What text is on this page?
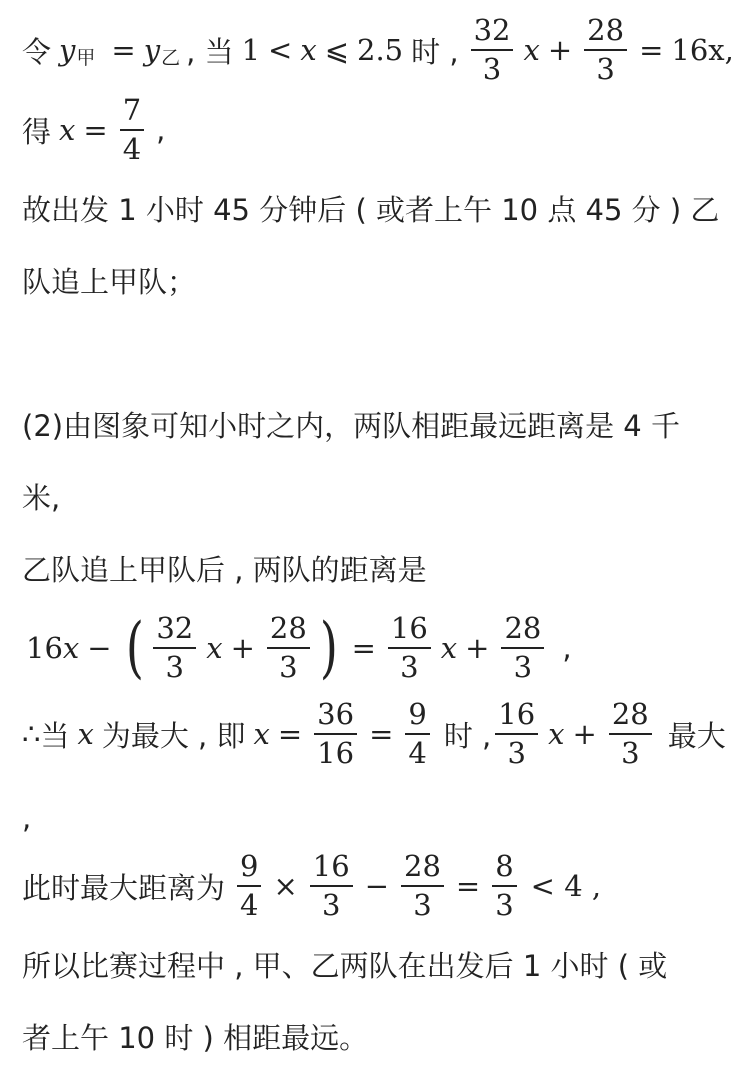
令 y 甲 = y 乙 , 当 1 < x ⩽ 2.5 时 , $\frac{32}{3}$ $x + \frac{28}{3} = 16x$,
得 $x = \frac{7}{4}$ ,
故出发 1 小时 45 分钟后 ( 或者上午 10 点 45 分 ) 乙
队追上甲队；
(2)由图象可知小时之内，两队相距最远距离是 4 千
米,
乙队追上甲队后 , 两队的距离是
16x − ( $\frac{32}{3}$ $x + \frac{28}{3}$ ) = $\frac{16}{3}$ $x + \frac{28}{3}$ ,
∴ 当 x 为最大 , 即 $x = \frac{36}{16} = \frac{9}{4}$ 时 , $\frac{16}{3}$ $x + \frac{28}{3}$ 最大
,
此时最大距离为 $\frac{9}{4} \times \frac{16}{3} - \frac{28}{3} = \frac{8}{3} < 4$ ,
所以比赛过程中 , 甲、乙两队在出发后 1 小时 ( 或
者上午 10 时 ) 相距最远。
